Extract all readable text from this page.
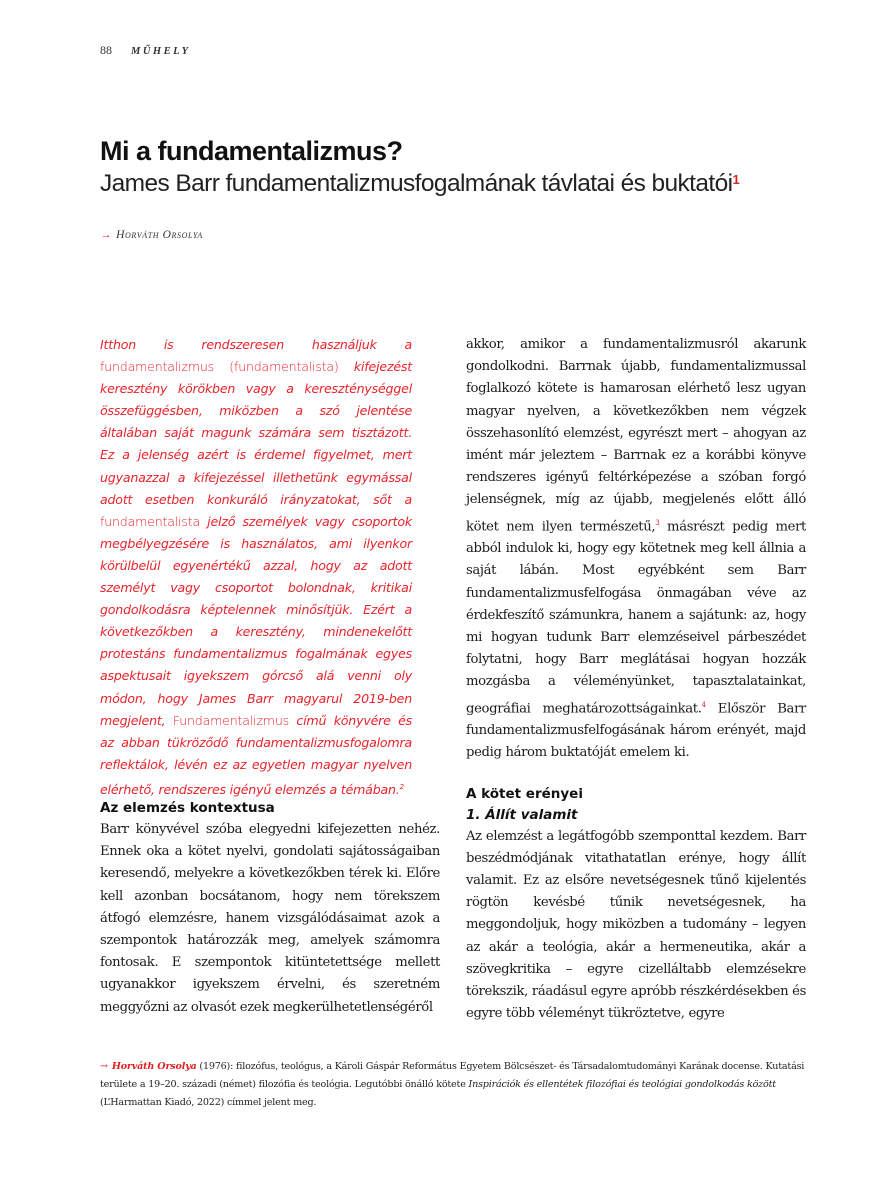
88 MŰHELY
Mi a fundamentalizmus?
James Barr fundamentalizmusfogalmának távlatai és buktatói$^1$
→ Horváth Orsolya
Itthon is rendszeresen használjuk a fundamentalizmus (fundamentalista) kifejezést keresztény körökben vagy a kereszténységgel összefüggésben, miközben a szó jelentése általában saját magunk számára sem tisztázott. Ez a jelenség azért is érdemel figyelmet, mert ugyanazzal a kifejezéssel illethetünk egymással adott esetben konkuráló irányzatokat, sőt a fundamentalista jelző személyek vagy csoportok megbélyegzésére is használatos, ami ilyenkor körülbelül egyenértékű azzal, hogy az adott személyt vagy csoportot bolondnak, kritikai gondolkodásra képtelennek minősítjük. Ezért a következőkben a keresztény, mindenekelőtt protestáns fundamentalizmus fogalmának egyes aspektusait igyekszem górcső alá venni oly módon, hogy James Barr magyarul 2019-ben megjelent, Fundamentalizmus című könyvére és az abban tükröződő fundamentalizmusfogalomra reflektálok, lévén ez az egyetlen magyar nyelven elérhető, rendszeres igényű elemzés a témában.$^2$
Az elemzés kontextusa
Barr könyvével szóba elegyedni kifejezetten nehéz. Ennek oka a kötet nyelvi, gondolati sajátosságaiban keresendő, melyekre a következőkben térek ki. Előre kell azonban bocsátanom, hogy nem törekszem átfogó elemzésre, hanem vizsgálódásaimat azok a szempontok határozzák meg, amelyek számomra fontosak. E szempontok kitüntetettsége mellett ugyanakkor igyekszem érvelni, és szeretném meggyőzni az olvasót ezek megkerülhetetlenségéről
akkor, amikor a fundamentalizmusról akarunk gondolkodni. Barrnak újabb, fundamentalizmussal foglalkozó kötete is hamarosan elérhető lesz ugyan magyar nyelven, a következőkben nem végzek összehasonlító elemzést, egyrészt mert – ahogyan az imént már jeleztem – Barrnak ez a korábbi könyve rendszeres igényű feltérképezése a szóban forgó jelenségnek, míg az újabb, megjelenés előtt álló kötet nem ilyen természetű,$^3$ másrészt pedig mert abból indulok ki, hogy egy kötetnek meg kell állnia a saját lábán. Most egyébként sem Barr fundamentalizmusfelfogása önmagában véve az érdekfeszítő számunkra, hanem a sajátunk: az, hogy mi hogyan tudunk Barr elemzéseivel párbeszédet folytatni, hogy Barr meglátásai hogyan hozzák mozgásba a véleményünket, tapasztalatainkat, geográfiai meghatározottságainkat.$^4$ Először Barr fundamentalizmusfelfogásának három erényét, majd pedig három buktatóját emelem ki.
A kötet erényei
1. Állít valamit
Az elemzést a legátfogóbb szemponttal kezdem. Barr beszédmódjának vitathatatlan erénye, hogy állít valamit. Ez az elsőre nevetségesnek tűnő kijelentés rögtön kevésbé tűnik nevetségesnek, ha meggondoljuk, hogy miközben a tudomány – legyen az akár a teológia, akár a hermeneutika, akár a szövegkritika – egyre cizelláltabb elemzésekre törekszik, ráadásul egyre apróbb részkérdésekben és egyre több véleményt tükröztetve, egyre
→ Horváth Orsolya (1976): filozófus, teológus, a Károli Gáspár Református Egyetem Bölcsészet- és Társadalomtudományi Karának docense. Kutatási területe a 19–20. századi (német) filozófia és teológia. Legutóbbi önálló kötete Inspirációk és ellentétek filozófiai és teológiai gondolkodás között (L’Harmattan Kiadó, 2022) címmel jelent meg.
